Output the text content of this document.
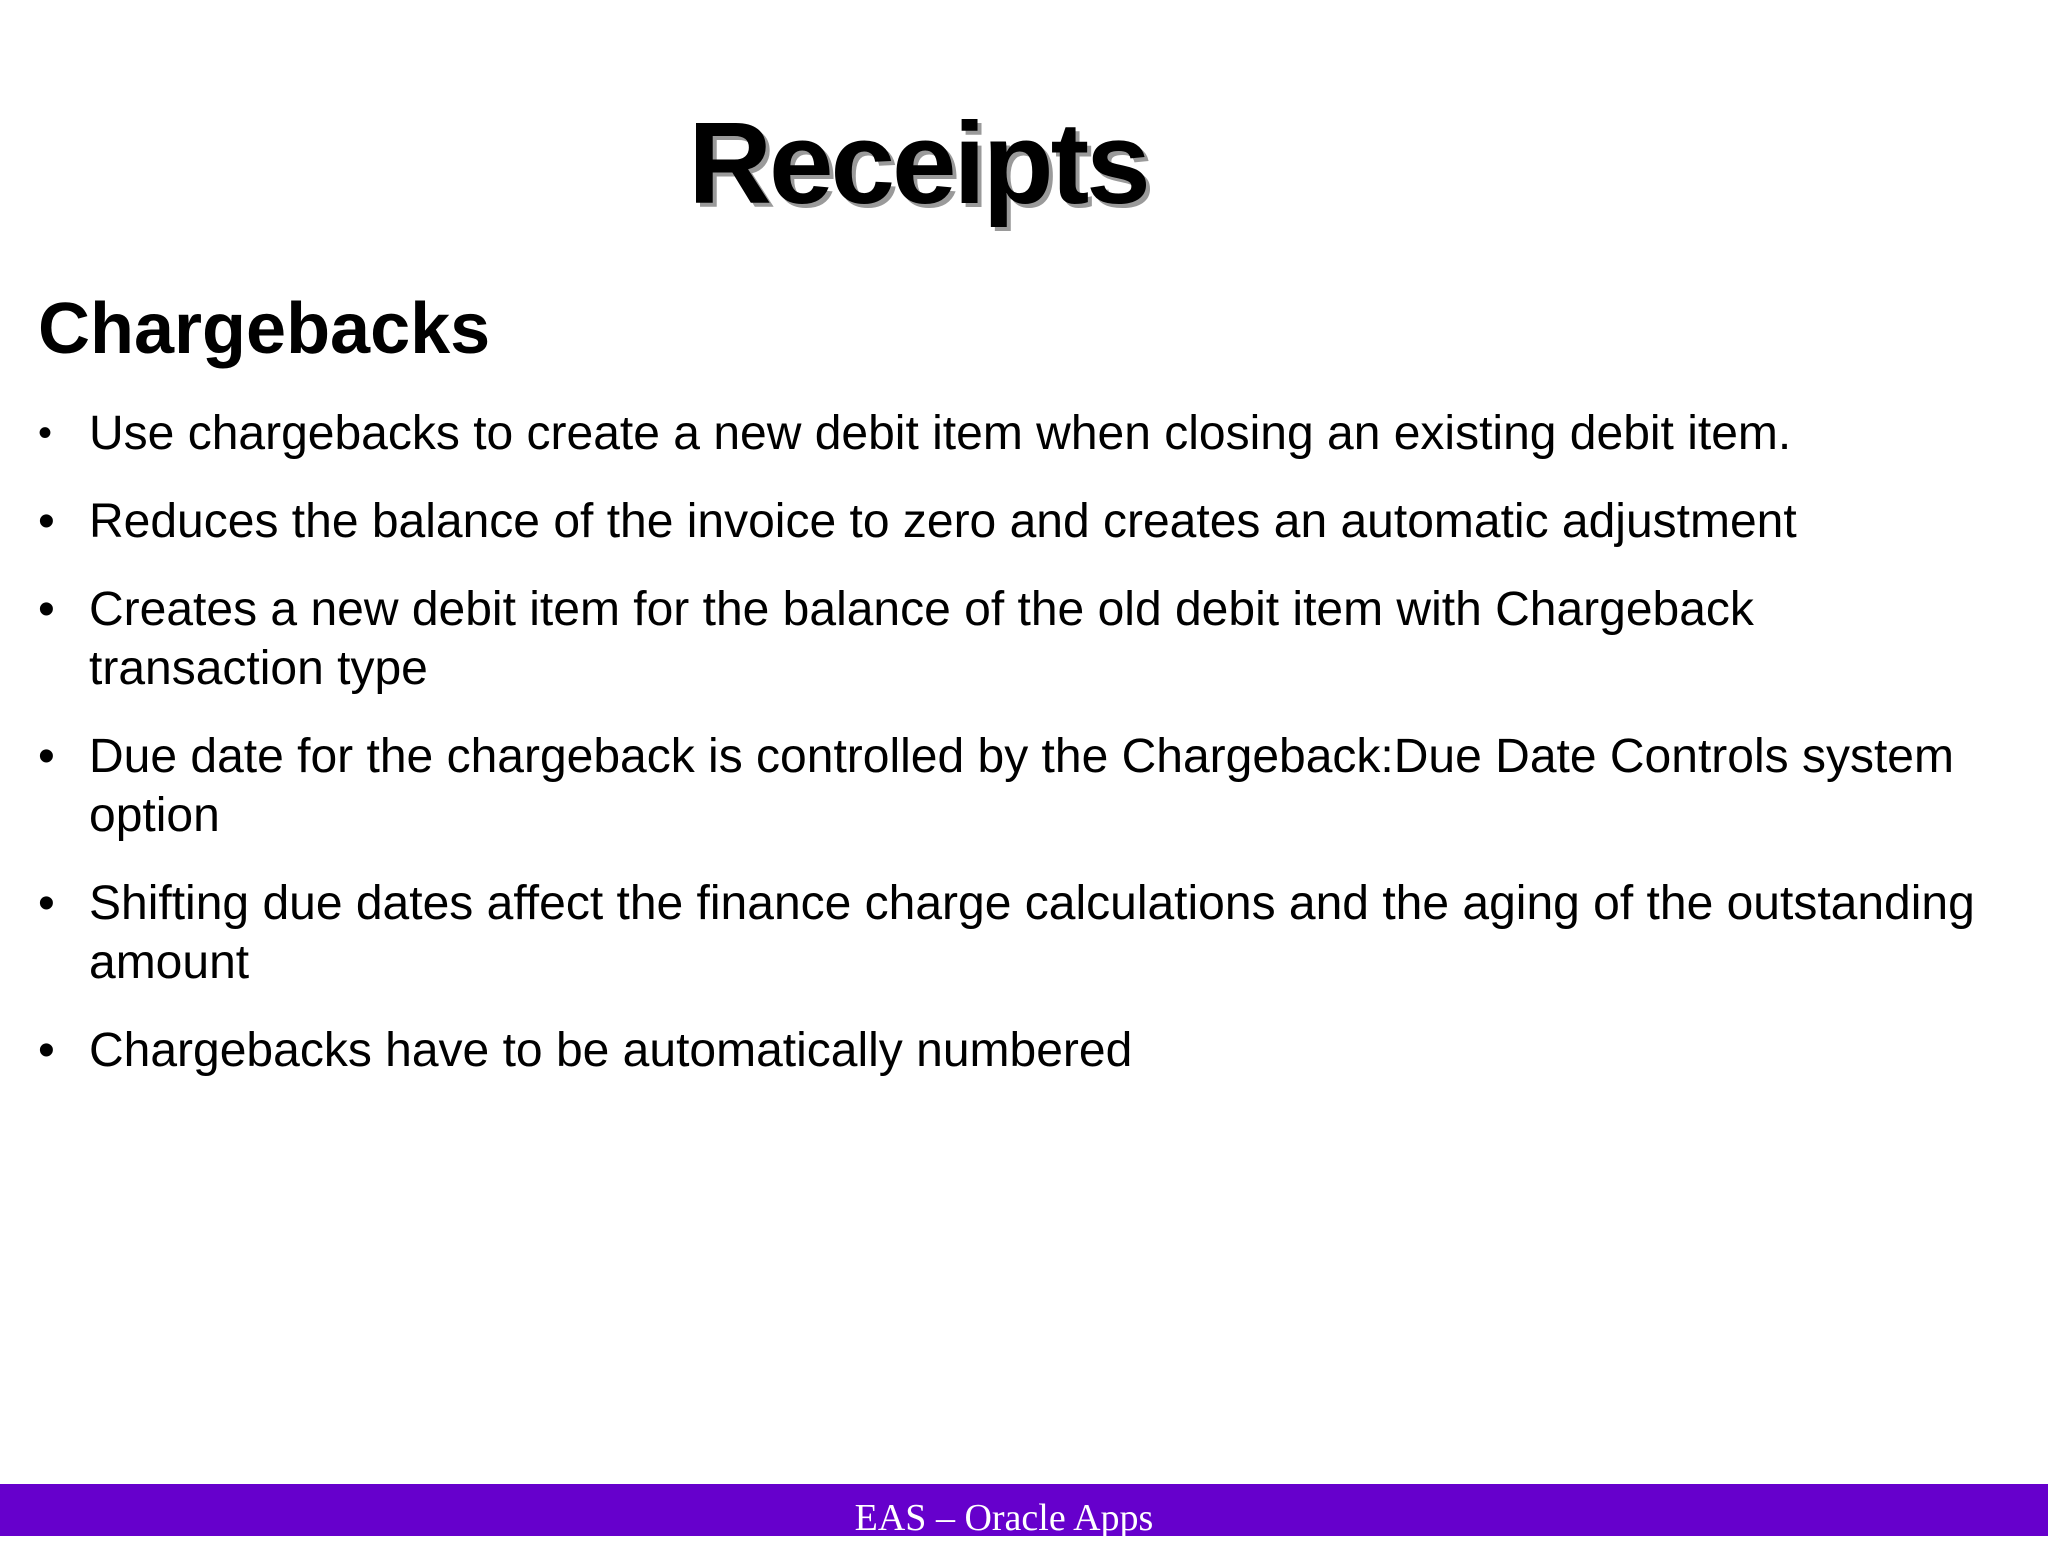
Receipts
Chargebacks
• Use chargebacks to create a new debit item when closing an existing debit item.
• Reduces the balance of the invoice to zero and creates an automatic adjustment
• Creates a new debit item for the balance of the old debit item with Chargeback transaction type
• Due date for the chargeback is controlled by the Chargeback:Due Date Controls system option
• Shifting due dates affect the finance charge calculations and the aging of the outstanding amount
• Chargebacks have to be automatically numbered
EAS – Oracle Apps
